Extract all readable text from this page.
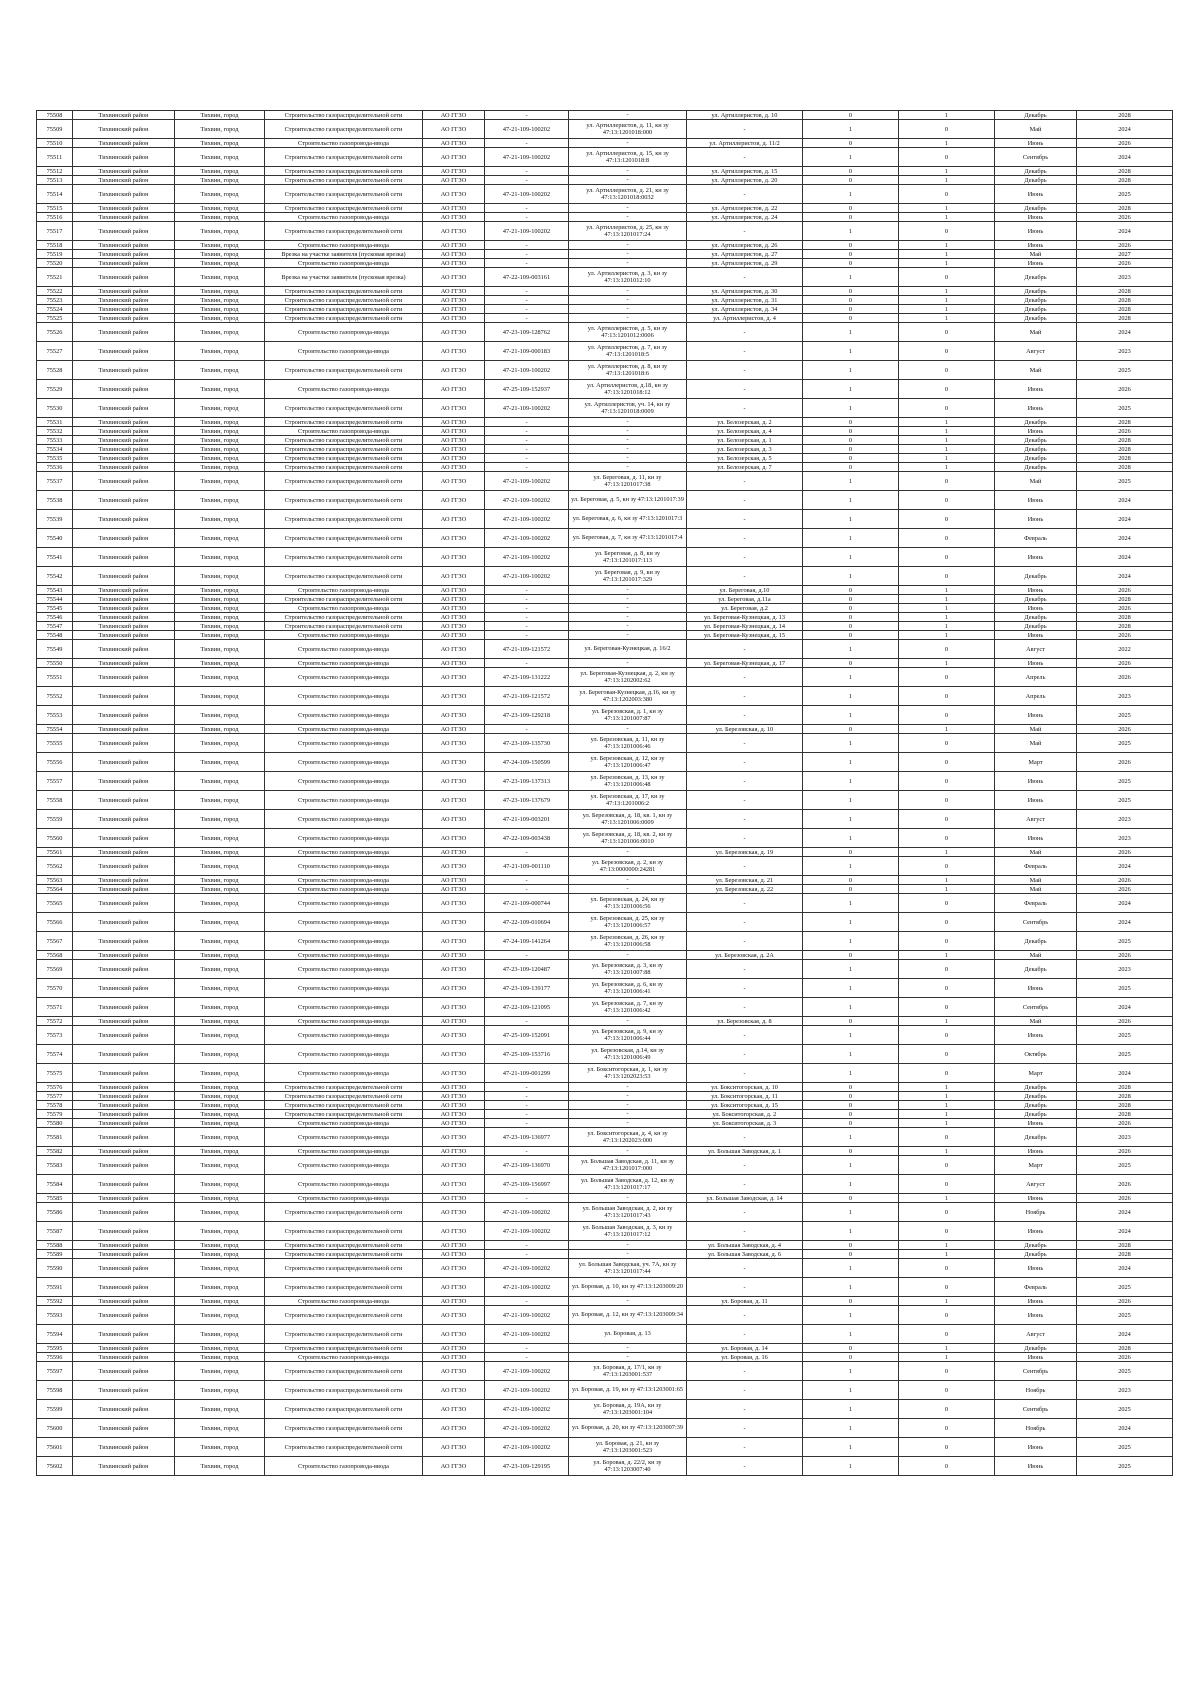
75508	Тихвинский район	Тихвин, город	Строительство газораспределительной сети	АО ГГЗО	-	-	ул. Артиллеристов, д. 10	0	1	Декабрь	2028
75509	Тихвинский район	Тихвин, город	Строительство газораспределительной сети	АО ГГЗО	47-21-109-100202	ул. Артиллеристов, д. 11, кн зу 47:13:1201018:000	-	1	0	Май	2024
75510	Тихвинский район	Тихвин, город	Строительство газопровода-ввода	АО ГГЗО	-	-	ул. Артиллеристов, д. 11/2	0	1	Июнь	2026
75511	Тихвинский район	Тихвин, город	Строительство газораспределительной сети	АО ГГЗО	47-21-109-100202	ул. Артиллеристов, д. 15, кн зу 47:13:1201018:8	-	1	0	Сентябрь	2024
75512	Тихвинский район	Тихвин, город	Строительство газораспределительной сети	АО ГГЗО	-	-	ул. Артиллеристов, д. 15	0	1	Декабрь	2028
75513	Тихвинский район	Тихвин, город	Строительство газораспределительной сети	АО ГГЗО	-	-	ул. Артиллеристов, д. 20	0	1	Декабрь	2028
75514	Тихвинский район	Тихвин, город	Строительство газораспределительной сети	АО ГГЗО	47-21-109-100202	ул. Артиллеристов, д. 21, кн зу 47:13:1201018:0032	-	1	0	Июнь	2025
75515	Тихвинский район	Тихвин, город	Строительство газораспределительной сети	АО ГГЗО	-	-	ул. Артиллеристов, д. 22	0	1	Декабрь	2028
75516	Тихвинский район	Тихвин, город	Строительство газопровода-ввода	АО ГГЗО	-	-	ул. Артиллеристов, д. 24	0	1	Июнь	2026
75517	Тихвинский район	Тихвин, город	Строительство газораспределительной сети	АО ГГЗО	47-21-109-100202	ул. Артиллеристов, д. 25, кн зу 47:13:1201017:24	-	1	0	Июнь	2024
75518	Тихвинский район	Тихвин, город	Строительство газопровода-ввода	АО ГГЗО	-	-	ул. Артиллеристов, д. 26	0	1	Июнь	2026
75519	Тихвинский район	Тихвин, город	Врезка на участке заявителя (пусковая врезка)	АО ГГЗО	-	-	ул. Артиллеристов, д. 27	0	1	Май	2027
75520	Тихвинский район	Тихвин, город	Строительство газопровода-ввода	АО ГГЗО	-	-	ул. Артиллеристов, д. 29	0	1	Июнь	2026
75521	Тихвинский район	Тихвин, город	Врезка на участке заявителя (пусковая врезка)	АО ГГЗО	47-22-109-003161	ул. Артиллеристов, д. 3, кн зу 47:13:1201012:10	-	1	0	Декабрь	2023
75522	Тихвинский район	Тихвин, город	Строительство газораспределительной сети	АО ГГЗО	-	-	ул. Артиллеристов, д. 30	0	1	Декабрь	2028
75523	Тихвинский район	Тихвин, город	Строительство газораспределительной сети	АО ГГЗО	-	-	ул. Артиллеристов, д. 31	0	1	Декабрь	2028
75524	Тихвинский район	Тихвин, город	Строительство газораспределительной сети	АО ГГЗО	-	-	ул. Артиллеристов, д. 34	0	1	Декабрь	2028
75525	Тихвинский район	Тихвин, город	Строительство газораспределительной сети	АО ГГЗО	-	-	ул. Артиллеристов, д. 4	0	1	Декабрь	2028
75526	Тихвинский район	Тихвин, город	Строительство газопровода-ввода	АО ГГЗО	47-23-109-128762	ул. Артиллеристов, д. 5, кн зу 47:13:1201012:0006	-	1	0	Май	2024
75527	Тихвинский район	Тихвин, город	Строительство газопровода-ввода	АО ГГЗО	47-21-109-000183	ул. Артиллеристов, д. 7, кн зу 47:13:1201018:5	-	1	0	Август	2023
75528	Тихвинский район	Тихвин, город	Строительство газораспределительной сети	АО ГГЗО	47-21-109-100202	ул. Артиллеристов, д. 8, кн зу 47:13:1201018:6	-	1	0	Май	2025
75529	Тихвинский район	Тихвин, город	Строительство газопровода-ввода	АО ГГЗО	47-25-109-152937	ул. Артиллеристов, д.18, кн зу 47:13:1201018:12	-	1	0	Июнь	2026
75530	Тихвинский район	Тихвин, город	Строительство газораспределительной сети	АО ГГЗО	47-21-109-100202	ул. Артиллеристов, уч. 14, кн зу 47:13:1201018:0009	-	1	0	Июнь	2025
75531	Тихвинский район	Тихвин, город	Строительство газораспределительной сети	АО ГГЗО	-	-	ул. Белозерская, д. 2	0	1	Декабрь	2028
75532	Тихвинский район	Тихвин, город	Строительство газопровода-ввода	АО ГГЗО	-	-	ул. Белозерская, д. 4	0	1	Июнь	2026
75533	Тихвинский район	Тихвин, город	Строительство газораспределительной сети	АО ГГЗО	-	-	ул. Белозерская, д. 1	0	1	Декабрь	2028
75534	Тихвинский район	Тихвин, город	Строительство газораспределительной сети	АО ГГЗО	-	-	ул. Белозерская, д. 3	0	1	Декабрь	2028
75535	Тихвинский район	Тихвин, город	Строительство газораспределительной сети	АО ГГЗО	-	-	ул. Белозерская, д. 5	0	1	Декабрь	2028
75536	Тихвинский район	Тихвин, город	Строительство газораспределительной сети	АО ГГЗО	-	-	ул. Белозерская, д. 7	0	1	Декабрь	2028
75537	Тихвинский район	Тихвин, город	Строительство газораспределительной сети	АО ГГЗО	47-21-109-100202	ул. Береговая, д. 11, кн зу 47:13:1201017:38	-	1	0	Май	2025
75538	Тихвинский район	Тихвин, город	Строительство газораспределительной сети	АО ГГЗО	47-21-109-100202	ул. Береговая, д. 5, кн зу 47:13:1201017:39	-	1	0	Июнь	2024
75539	Тихвинский район	Тихвин, город	Строительство газораспределительной сети	АО ГГЗО	47-21-109-100202	ул. Береговая, д. 6, кн зу 47:13:1201017:3	-	1	0	Июнь	2024
75540	Тихвинский район	Тихвин, город	Строительство газораспределительной сети	АО ГГЗО	47-21-109-100202	ул. Береговая, д. 7, кн зу 47:13:1201017:4	-	1	0	Февраль	2024
75541	Тихвинский район	Тихвин, город	Строительство газораспределительной сети	АО ГГЗО	47-21-109-100202	ул. Береговая, д. 8, кн зу 47:13:1201017:113	-	1	0	Июнь	2024
75542	Тихвинский район	Тихвин, город	Строительство газораспределительной сети	АО ГГЗО	47-21-109-100202	ул. Береговая, д. 9, кн зу 47:13:1201017:329	-	1	0	Декабрь	2024
75543	Тихвинский район	Тихвин, город	Строительство газопровода-ввода	АО ГГЗО	-	-	ул. Береговая, д.10	0	1	Июнь	2026
75544	Тихвинский район	Тихвин, город	Строительство газораспределительной сети	АО ГГЗО	-	-	ул. Береговая, д.11а	0	1	Декабрь	2028
75545	Тихвинский район	Тихвин, город	Строительство газопровода-ввода	АО ГГЗО	-	-	ул. Береговая, д.2	0	1	Июнь	2026
75546	Тихвинский район	Тихвин, город	Строительство газораспределительной сети	АО ГГЗО	-	-	ул. Береговая-Кузнецкая, д. 13	0	1	Декабрь	2028
75547	Тихвинский район	Тихвин, город	Строительство газораспределительной сети	АО ГГЗО	-	-	ул. Береговая-Кузнецкая, д. 14	0	1	Декабрь	2028
75548	Тихвинский район	Тихвин, город	Строительство газопровода-ввода	АО ГГЗО	-	-	ул. Береговая-Кузнецкая, д. 15	0	1	Июнь	2026
75549	Тихвинский район	Тихвин, город	Строительство газопровода-ввода	АО ГГЗО	47-21-109-121572	ул. Береговая-Кузнецкая, д. 16/2	-	1	0	Август	2022
75550	Тихвинский район	Тихвин, город	Строительство газопровода-ввода	АО ГГЗО	-	-	ул. Береговая-Кузнецкая, д. 17	0	1	Июнь	2026
75551	Тихвинский район	Тихвин, город	Строительство газопровода-ввода	АО ГГЗО	47-23-109-131222	ул. Береговая-Кузнецкая, д. 2, кн зу 47:13:1202002:62	-	1	0	Апрель	2026
75552	Тихвинский район	Тихвин, город	Строительство газопровода-ввода	АО ГГЗО	47-21-109-121572	ул. Береговая-Кузнецкая, д.16, кн зу 47:13:1202003:380	-	1	0	Апрель	2023
75553	Тихвинский район	Тихвин, город	Строительство газопровода-ввода	АО ГГЗО	47-23-109-129218	ул. Березовская, д. 1, кн зу 47:13:1201007:87	-	1	0	Июнь	2025
75554	Тихвинский район	Тихвин, город	Строительство газопровода-ввода	АО ГГЗО	-	-	ул. Березовская, д. 10	0	1	Май	2026
75555	Тихвинский район	Тихвин, город	Строительство газопровода-ввода	АО ГГЗО	47-23-109-135730	ул. Березовская, д. 11, кн зу 47:13:1201006:46	-	1	0	Май	2025
75556	Тихвинский район	Тихвин, город	Строительство газопровода-ввода	АО ГГЗО	47-24-109-150599	ул. Березовская, д. 12, кн зу 47:13:1201006:47	-	1	0	Март	2026
75557	Тихвинский район	Тихвин, город	Строительство газопровода-ввода	АО ГГЗО	47-23-109-137313	ул. Березовская, д. 13, кн зу 47:13:1201006:48	-	1	0	Июнь	2025
75558	Тихвинский район	Тихвин, город	Строительство газопровода-ввода	АО ГГЗО	47-23-109-137679	ул. Березовская, д. 17, кн зу 47:13:1201006:2	-	1	0	Июнь	2025
75559	Тихвинский район	Тихвин, город	Строительство газопровода-ввода	АО ГГЗО	47-21-109-003201	ул. Березовская, д. 18, кв. 1, кн зу 47:13:1201006:0009	-	1	0	Август	2023
75560	Тихвинский район	Тихвин, город	Строительство газопровода-ввода	АО ГГЗО	47-22-109-003438	ул. Березовская, д. 18, кв. 2, кн зу 47:13:1201006:0010	-	1	0	Июнь	2023
75561	Тихвинский район	Тихвин, город	Строительство газопровода-ввода	АО ГГЗО	-	-	ул. Березовская, д. 19	0	1	Май	2026
75562	Тихвинский район	Тихвин, город	Строительство газопровода-ввода	АО ГГЗО	47-21-109-001110	ул. Березовская, д. 2, кн зу 47:13:0000000:24281	-	1	0	Февраль	2024
75563	Тихвинский район	Тихвин, город	Строительство газопровода-ввода	АО ГГЗО	-	-	ул. Березовская, д. 21	0	1	Май	2026
75564	Тихвинский район	Тихвин, город	Строительство газопровода-ввода	АО ГГЗО	-	-	ул. Березовская, д. 22	0	1	Май	2026
75565	Тихвинский район	Тихвин, город	Строительство газопровода-ввода	АО ГГЗО	47-21-109-000744	ул. Березовская, д. 24, кн зу 47:13:1201006:56	-	1	0	Февраль	2024
75566	Тихвинский район	Тихвин, город	Строительство газопровода-ввода	АО ГГЗО	47-22-109-010694	ул. Березовская, д. 25, кн зу 47:13:1201006:57	-	1	0	Сентябрь	2024
75567	Тихвинский район	Тихвин, город	Строительство газопровода-ввода	АО ГГЗО	47-24-109-141264	ул. Березовская, д. 26, кн зу 47:13:1201006:58	-	1	0	Декабрь	2025
75568	Тихвинский район	Тихвин, город	Строительство газопровода-ввода	АО ГГЗО	-	-	ул. Березовская, д. 2А	0	1	Май	2026
75569	Тихвинский район	Тихвин, город	Строительство газопровода-ввода	АО ГГЗО	47-23-109-120487	ул. Березовская, д. 3, кн зу 47:13:1201007:88	-	1	0	Декабрь	2023
75570	Тихвинский район	Тихвин, город	Строительство газопровода-ввода	АО ГГЗО	47-23-109-139177	ул. Березовская, д. 6, кн зу 47:13:1201006:41	-	1	0	Июнь	2025
75571	Тихвинский район	Тихвин, город	Строительство газопровода-ввода	АО ГГЗО	47-22-109-121095	ул. Березовская, д. 7, кн зу 47:13:1201006:42	-	1	0	Сентябрь	2024
75572	Тихвинский район	Тихвин, город	Строительство газопровода-ввода	АО ГГЗО	-	-	ул. Березовская, д. 8	0	1	Май	2026
75573	Тихвинский район	Тихвин, город	Строительство газопровода-ввода	АО ГГЗО	47-25-109-152091	ул. Березовская, д. 9, кн зу 47:13:1201006:44	-	1	0	Июнь	2025
75574	Тихвинский район	Тихвин, город	Строительство газопровода-ввода	АО ГГЗО	47-25-109-153716	ул. Березовская, д.14, кн зу 47:13:1201006:49	-	1	0	Октябрь	2025
75575	Тихвинский район	Тихвин, город	Строительство газопровода-ввода	АО ГГЗО	47-21-109-001299	ул. Бокситогорская, д. 1, кн зу 47:13:1202023:53	-	1	0	Март	2024
75576	Тихвинский район	Тихвин, город	Строительство газораспределительной сети	АО ГГЗО	-	-	ул. Бокситогорская, д. 10	0	1	Декабрь	2028
75577	Тихвинский район	Тихвин, город	Строительство газораспределительной сети	АО ГГЗО	-	-	ул. Бокситогорская, д. 11	0	1	Декабрь	2028
75578	Тихвинский район	Тихвин, город	Строительство газораспределительной сети	АО ГГЗО	-	-	ул. Бокситогорская, д. 15	0	1	Декабрь	2028
75579	Тихвинский район	Тихвин, город	Строительство газораспределительной сети	АО ГГЗО	-	-	ул. Бокситогорская, д. 2	0	1	Декабрь	2028
75580	Тихвинский район	Тихвин, город	Строительство газопровода-ввода	АО ГГЗО	-	-	ул. Бокситогорская, д. 3	0	1	Июнь	2026
75581	Тихвинский район	Тихвин, город	Строительство газопровода-ввода	АО ГГЗО	47-23-109-136977	ул. Бокситогорская, д. 4, кн зу 47:13:1202023:000	-	1	0	Декабрь	2023
75582	Тихвинский район	Тихвин, город	Строительство газопровода-ввода	АО ГГЗО	-	-	ул. Большая Заводская, д. 1	0	1	Июнь	2026
75583	Тихвинский район	Тихвин, город	Строительство газопровода-ввода	АО ГГЗО	47-23-109-136970	ул. Большая Заводская, д. 11, кн зу 47:13:1201017:000	-	1	0	Март	2025
75584	Тихвинский район	Тихвин, город	Строительство газопровода-ввода	АО ГГЗО	47-25-109-156997	ул. Большая Заводская, д. 12, кн зу 47:13:1201017:17	-	1	0	Август	2026
75585	Тихвинский район	Тихвин, город	Строительство газопровода-ввода	АО ГГЗО	-	-	ул. Большая Заводская, д. 14	0	1	Июнь	2026
75586	Тихвинский район	Тихвин, город	Строительство газораспределительной сети	АО ГГЗО	47-21-109-100202	ул. Большая Заводская, д. 2, кн зу 47:13:1201017:43	-	1	0	Ноябрь	2024
75587	Тихвинский район	Тихвин, город	Строительство газораспределительной сети	АО ГГЗО	47-21-109-100202	ул. Большая Заводская, д. 3, кн зу 47:13:1201017:12	-	1	0	Июнь	2024
75588	Тихвинский район	Тихвин, город	Строительство газораспределительной сети	АО ГГЗО	-	-	ул. Большая Заводская, д. 4	0	1	Декабрь	2028
75589	Тихвинский район	Тихвин, город	Строительство газораспределительной сети	АО ГГЗО	-	-	ул. Большая Заводская, д. 6	0	1	Декабрь	2028
75590	Тихвинский район	Тихвин, город	Строительство газораспределительной сети	АО ГГЗО	47-21-109-100202	ул. Большая Заводская, уч. 7А, кн зу 47:13:1201017:44	-	1	0	Июнь	2024
75591	Тихвинский район	Тихвин, город	Строительство газораспределительной сети	АО ГГЗО	47-21-109-100202	ул. Боровая, д. 10, кн зу 47:13:1203009:20	-	1	0	Февраль	2025
75592	Тихвинский район	Тихвин, город	Строительство газопровода-ввода	АО ГГЗО	-	-	ул. Боровая, д. 11	0	1	Июнь	2026
75593	Тихвинский район	Тихвин, город	Строительство газораспределительной сети	АО ГГЗО	47-21-109-100202	ул. Боровая, д. 12, кн зу 47:13:1203009:34	-	1	0	Июнь	2025
75594	Тихвинский район	Тихвин, город	Строительство газораспределительной сети	АО ГГЗО	47-21-109-100202	ул. Боровая, д. 13	-	1	0	Август	2024
75595	Тихвинский район	Тихвин, город	Строительство газораспределительной сети	АО ГГЗО	-	-	ул. Боровая, д. 14	0	1	Декабрь	2028
75596	Тихвинский район	Тихвин, город	Строительство газопровода-ввода	АО ГГЗО	-	-	ул. Боровая, д. 16	0	1	Июнь	2026
75597	Тихвинский район	Тихвин, город	Строительство газораспределительной сети	АО ГГЗО	47-21-109-100202	ул. Боровая, д. 17/1, кн зу 47:13:1203001:537	-	1	0	Сентябрь	2025
75598	Тихвинский район	Тихвин, город	Строительство газораспределительной сети	АО ГГЗО	47-21-109-100202	ул. Боровая, д. 19, кн зу 47:13:1203001:65	-	1	0	Ноябрь	2023
75599	Тихвинский район	Тихвин, город	Строительство газораспределительной сети	АО ГГЗО	47-21-109-100202	ул. Боровая, д. 19А, кн зу 47:13:1203001:104	-	1	0	Сентябрь	2025
75600	Тихвинский район	Тихвин, город	Строительство газораспределительной сети	АО ГГЗО	47-21-109-100202	ул. Боровая, д. 20, кн зу 47:13:1203007:39	-	1	0	Ноябрь	2024
75601	Тихвинский район	Тихвин, город	Строительство газораспределительной сети	АО ГГЗО	47-21-109-100202	ул. Боровая, д. 21, кн зу 47:13:1203001:523	-	1	0	Июнь	2025
75602	Тихвинский район	Тихвин, город	Строительство газопровода-ввода	АО ГГЗО	47-23-109-129195	ул. Боровая, д. 22/2, кн зу 47:13:1203007:40	-	1	0	Июнь	2025
